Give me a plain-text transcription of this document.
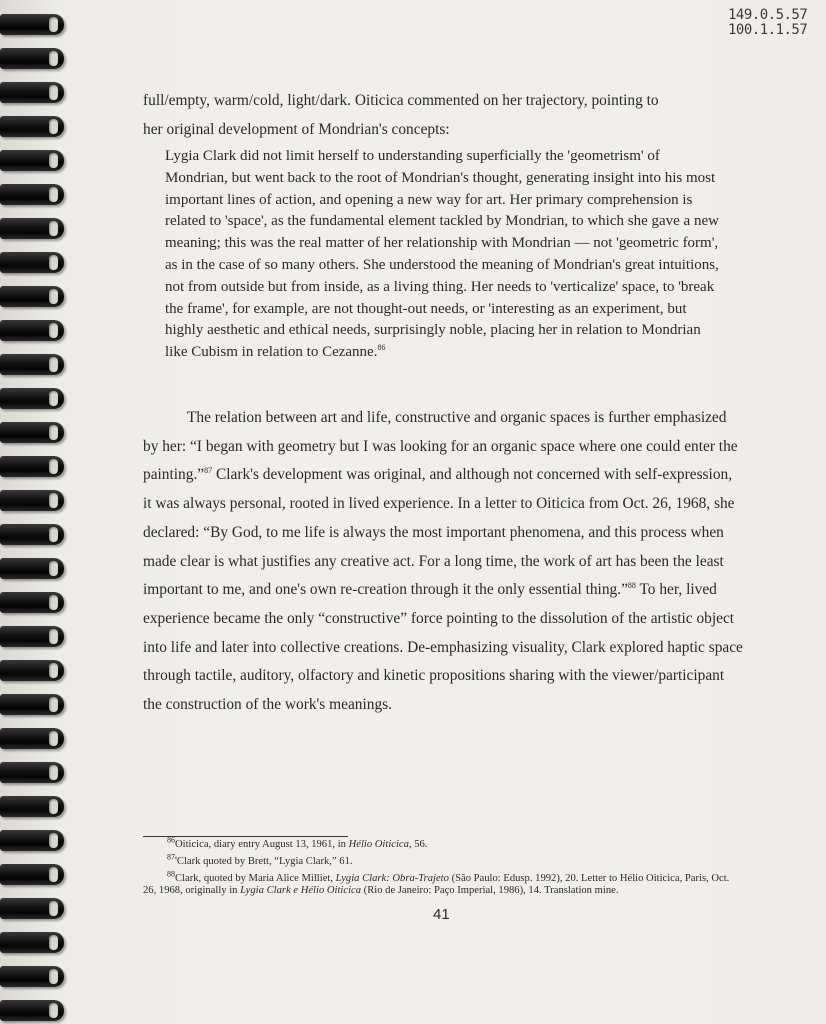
149.0.5.57
100.1.1.57

full/empty, warm/cold, light/dark. Oiticica commented on her trajectory, pointing to

her original development of Mondrian's concepts:

Lygia Clark did not limit herself to understanding superficially the 'geometrism' of Mondrian, but went back to the root of Mondrian's thought, generating insight into his most important lines of action, and opening a new way for art. Her primary comprehension is related to 'space', as the fundamental element tackled by Mondrian, to which she gave a new meaning; this was the real matter of her relationship with Mondrian — not 'geometric form', as in the case of so many others. She understood the meaning of Mondrian's great intuitions, not from outside but from inside, as a living thing. Her needs to 'verticalize' space, to 'break the frame', for example, are not thought-out needs, or 'interesting as an experiment, but highly aesthetic and ethical needs, surprisingly noble, placing her in relation to Mondrian like Cubism in relation to Cezanne.$^{86}$

The relation between art and life, constructive and organic spaces is further emphasized by her: “I began with geometry but I was looking for an organic space where one could enter the painting.”$^{87}$ Clark's development was original, and although not concerned with self-expression, it was always personal, rooted in lived experience. In a letter to Oiticica from Oct. 26, 1968, she declared: “By God, to me life is always the most important phenomena, and this process when made clear is what justifies any creative act. For a long time, the work of art has been the least important to me, and one's own re-creation through it the only essential thing.”$^{88}$ To her, lived experience became the only “constructive” force pointing to the dissolution of the artistic object into life and later into collective creations. De-emphasizing visuality, Clark explored haptic space through tactile, auditory, olfactory and kinetic propositions sharing with the viewer/participant the construction of the work's meanings.

$^{86}$Oiticica, diary entry August 13, 1961, in Hélio Oiticica, 56.

$^{87}$'Clark quoted by Brett, “Lygia Clark,” 61.

$^{88}$Clark, quoted by Maria Alice Milliet, Lygia Clark: Obra-Trajeto (São Paulo: Edusp. 1992), 20. Letter to Hélio Oiticica, Paris, Oct. 26, 1968, originally in Lygia Clark e Hélio Oiticica (Rio de Janeiro: Paço Imperial, 1986), 14. Translation mine.

41
